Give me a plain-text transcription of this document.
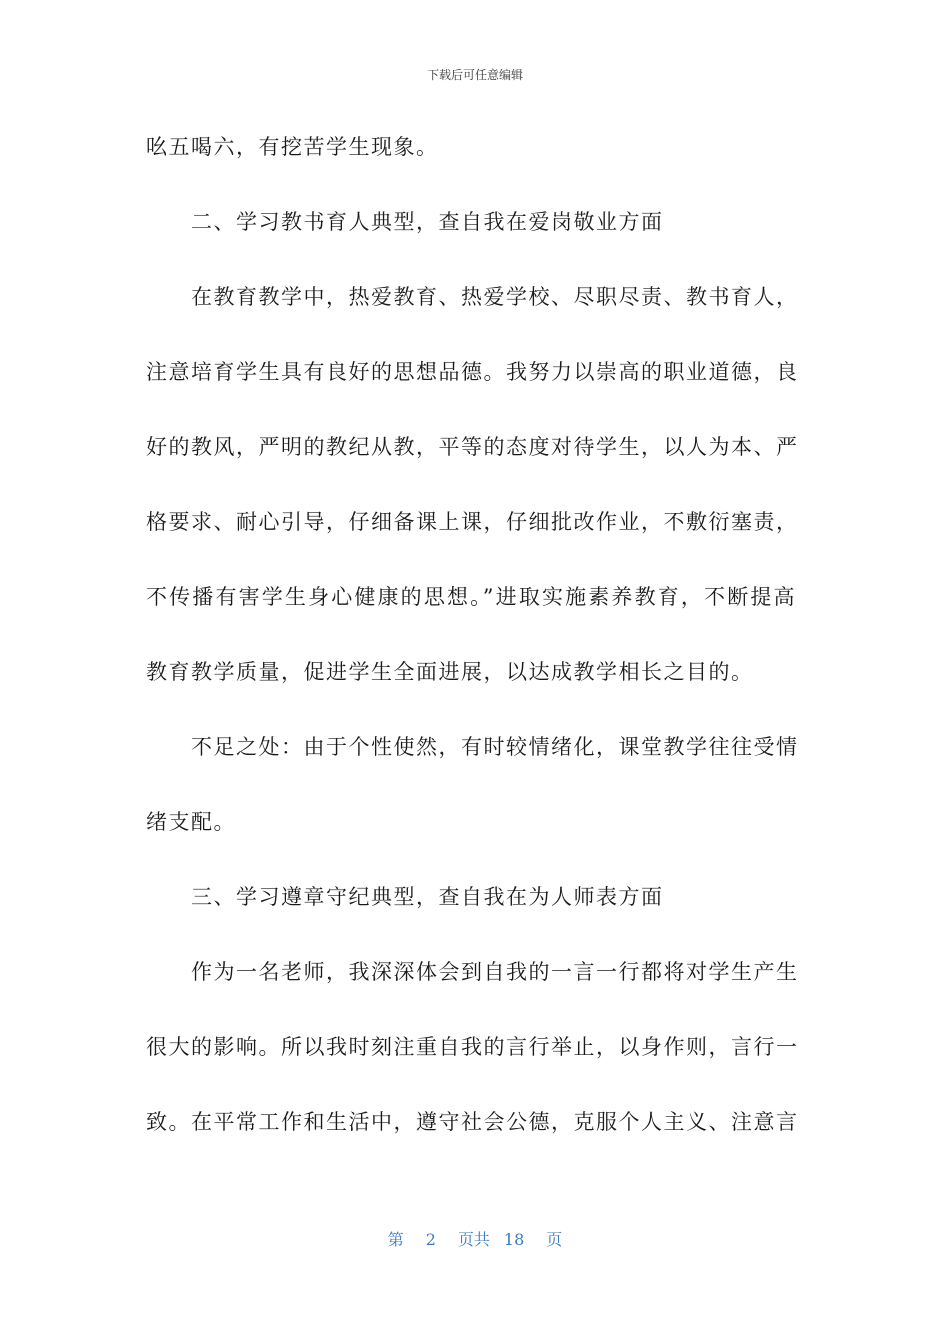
下载后可任意编辑
吆五喝六，有挖苦学生现象。
二、学习教书育人典型，查自我在爱岗敬业方面
在教育教学中，热爱教育、热爱学校、尽职尽责、教书育人，
注意培育学生具有良好的思想品德。我努力以崇高的职业道德，良
好的教风，严明的教纪从教，平等的态度对待学生，以人为本、严
格要求、耐心引导，仔细备课上课，仔细批改作业，不敷衍塞责，
不传播有害学生身心健康的思想。”进取实施素养教育，不断提高
教育教学质量，促进学生全面进展，以达成教学相长之目的。
不足之处：由于个性使然，有时较情绪化，课堂教学往往受情
绪支配。
三、学习遵章守纪典型，查自我在为人师表方面
作为一名老师，我深深体会到自我的一言一行都将对学生产生
很大的影响。所以我时刻注重自我的言行举止，以身作则，言行一
致。在平常工作和生活中，遵守社会公德，克服个人主义、注意言
第 2 页共 18 页
